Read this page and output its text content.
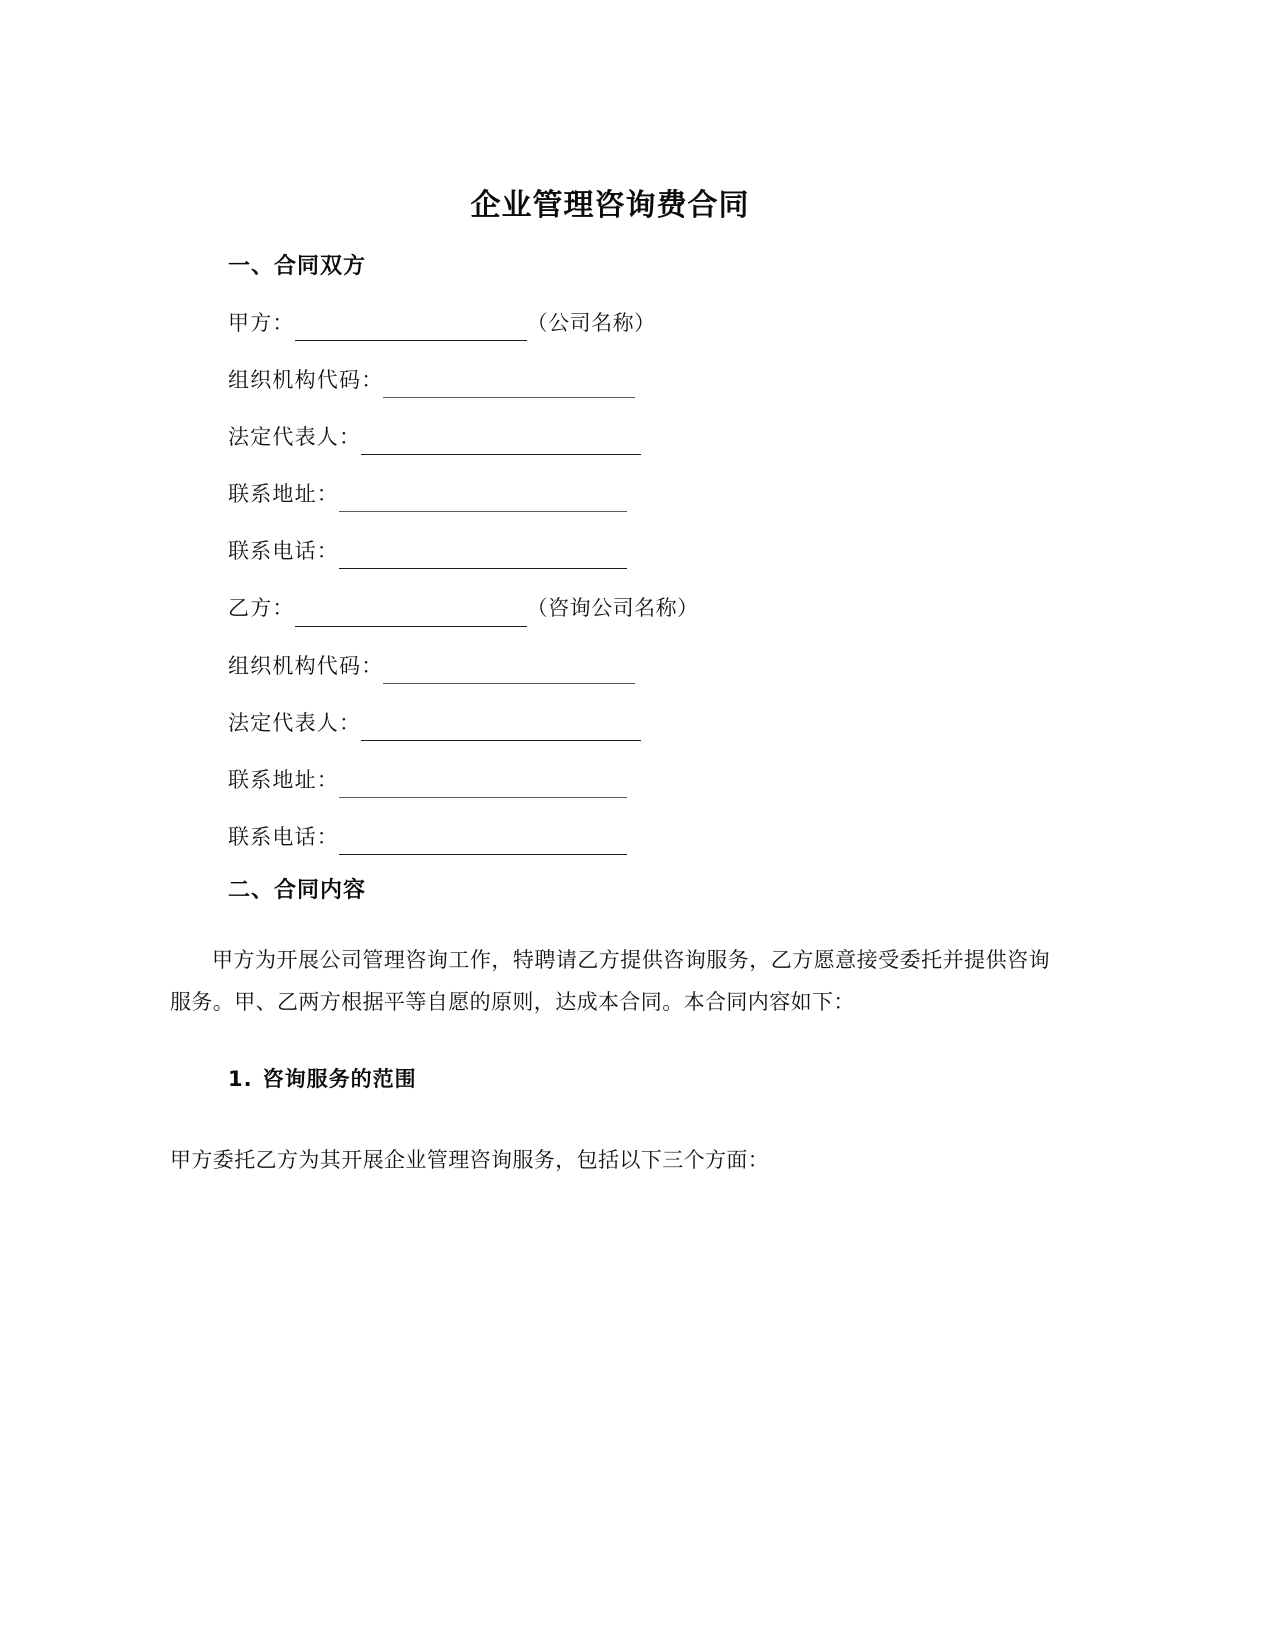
企业管理咨询费合同
一、合同双方
甲方：	（公司名称）
组织机构代码：
法定代表人：
联系地址：
联系电话：
乙方：	（咨询公司名称）
组织机构代码：
法定代表人：
联系地址：
联系电话：
二、合同内容

甲方为开展公司管理咨询工作，特聘请乙方提供咨询服务，乙方愿意接受委托并提供咨询服务。甲、乙两方根据平等自愿的原则，达成本合同。本合同内容如下：

1. 咨询服务的范围

甲方委托乙方为其开展企业管理咨询服务，包括以下三个方面：
